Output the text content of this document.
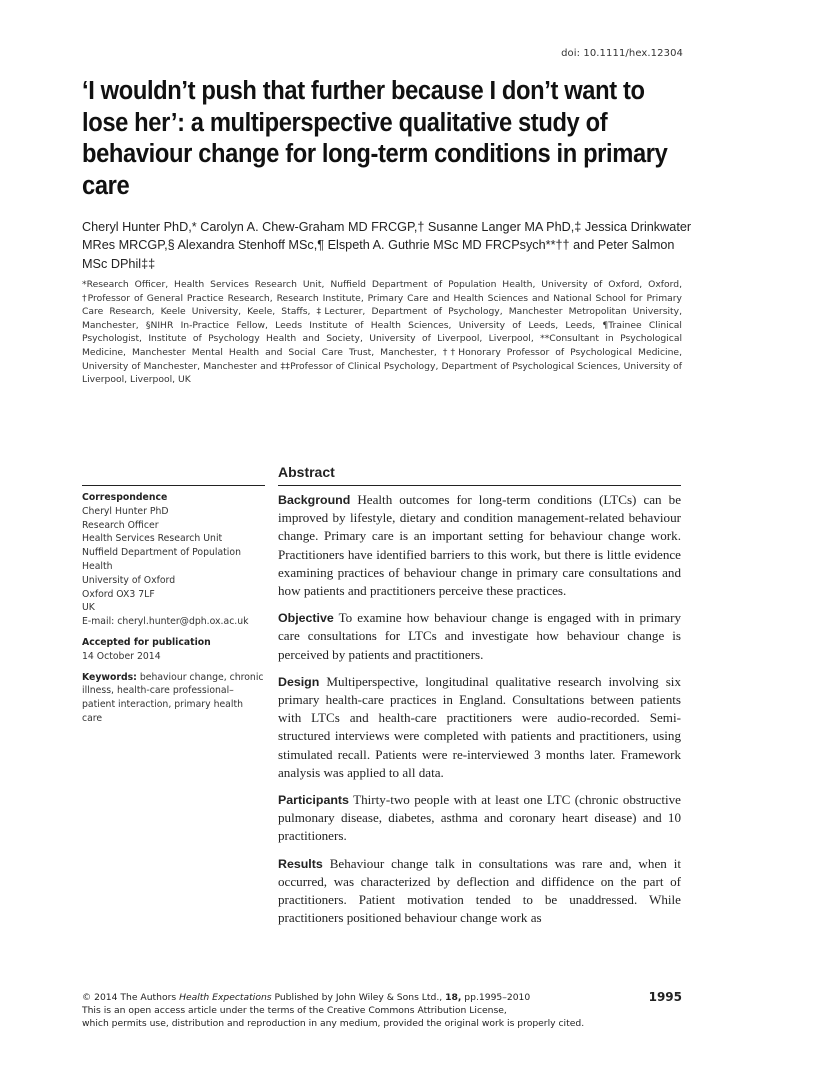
doi: 10.1111/hex.12304
‘I wouldn’t push that further because I don’t want to lose her’: a multiperspective qualitative study of behaviour change for long-term conditions in primary care
Cheryl Hunter PhD,* Carolyn A. Chew-Graham MD FRCGP,† Susanne Langer MA PhD,‡ Jessica Drinkwater MRes MRCGP,§ Alexandra Stenhoff MSc,¶ Elspeth A. Guthrie MSc MD FRCPsych**†† and Peter Salmon MSc DPhil‡‡
*Research Officer, Health Services Research Unit, Nuffield Department of Population Health, University of Oxford, Oxford, †Professor of General Practice Research, Research Institute, Primary Care and Health Sciences and National School for Primary Care Research, Keele University, Keele, Staffs, ‡Lecturer, Department of Psychology, Manchester Metropolitan University, Manchester, §NIHR In-Practice Fellow, Leeds Institute of Health Sciences, University of Leeds, Leeds, ¶Trainee Clinical Psychologist, Institute of Psychology Health and Society, University of Liverpool, Liverpool, **Consultant in Psychological Medicine, Manchester Mental Health and Social Care Trust, Manchester, ††Honorary Professor of Psychological Medicine, University of Manchester, Manchester and ‡‡Professor of Clinical Psychology, Department of Psychological Sciences, University of Liverpool, Liverpool, UK
Correspondence
Cheryl Hunter PhD
Research Officer
Health Services Research Unit
Nuffield Department of Population Health
University of Oxford
Oxford OX3 7LF
UK
E-mail: cheryl.hunter@dph.ox.ac.uk
Accepted for publication
14 October 2014
Keywords: behaviour change, chronic illness, health-care professional–patient interaction, primary health care
Abstract

Background Health outcomes for long-term conditions (LTCs) can be improved by lifestyle, dietary and condition management-related behaviour change. Primary care is an important setting for behaviour change work. Practitioners have identified barriers to this work, but there is little evidence examining practices of behaviour change in primary care consultations and how patients and practitioners perceive these practices.

Objective To examine how behaviour change is engaged with in primary care consultations for LTCs and investigate how behaviour change is perceived by patients and practitioners.

Design Multiperspective, longitudinal qualitative research involving six primary health-care practices in England. Consultations between patients with LTCs and health-care practitioners were audio-recorded. Semi-structured interviews were completed with patients and practitioners, using stimulated recall. Patients were re-interviewed 3 months later. Framework analysis was applied to all data.

Participants Thirty-two people with at least one LTC (chronic obstructive pulmonary disease, diabetes, asthma and coronary heart disease) and 10 practitioners.

Results Behaviour change talk in consultations was rare and, when it occurred, was characterized by deflection and diffidence on the part of practitioners. Patient motivation tended to be unaddressed. While practitioners positioned behaviour change work as

© 2014 The Authors Health Expectations Published by John Wiley & Sons Ltd., 18, pp.1995–2010
This is an open access article under the terms of the Creative Commons Attribution License,
which permits use, distribution and reproduction in any medium, provided the original work is properly cited.
1995
